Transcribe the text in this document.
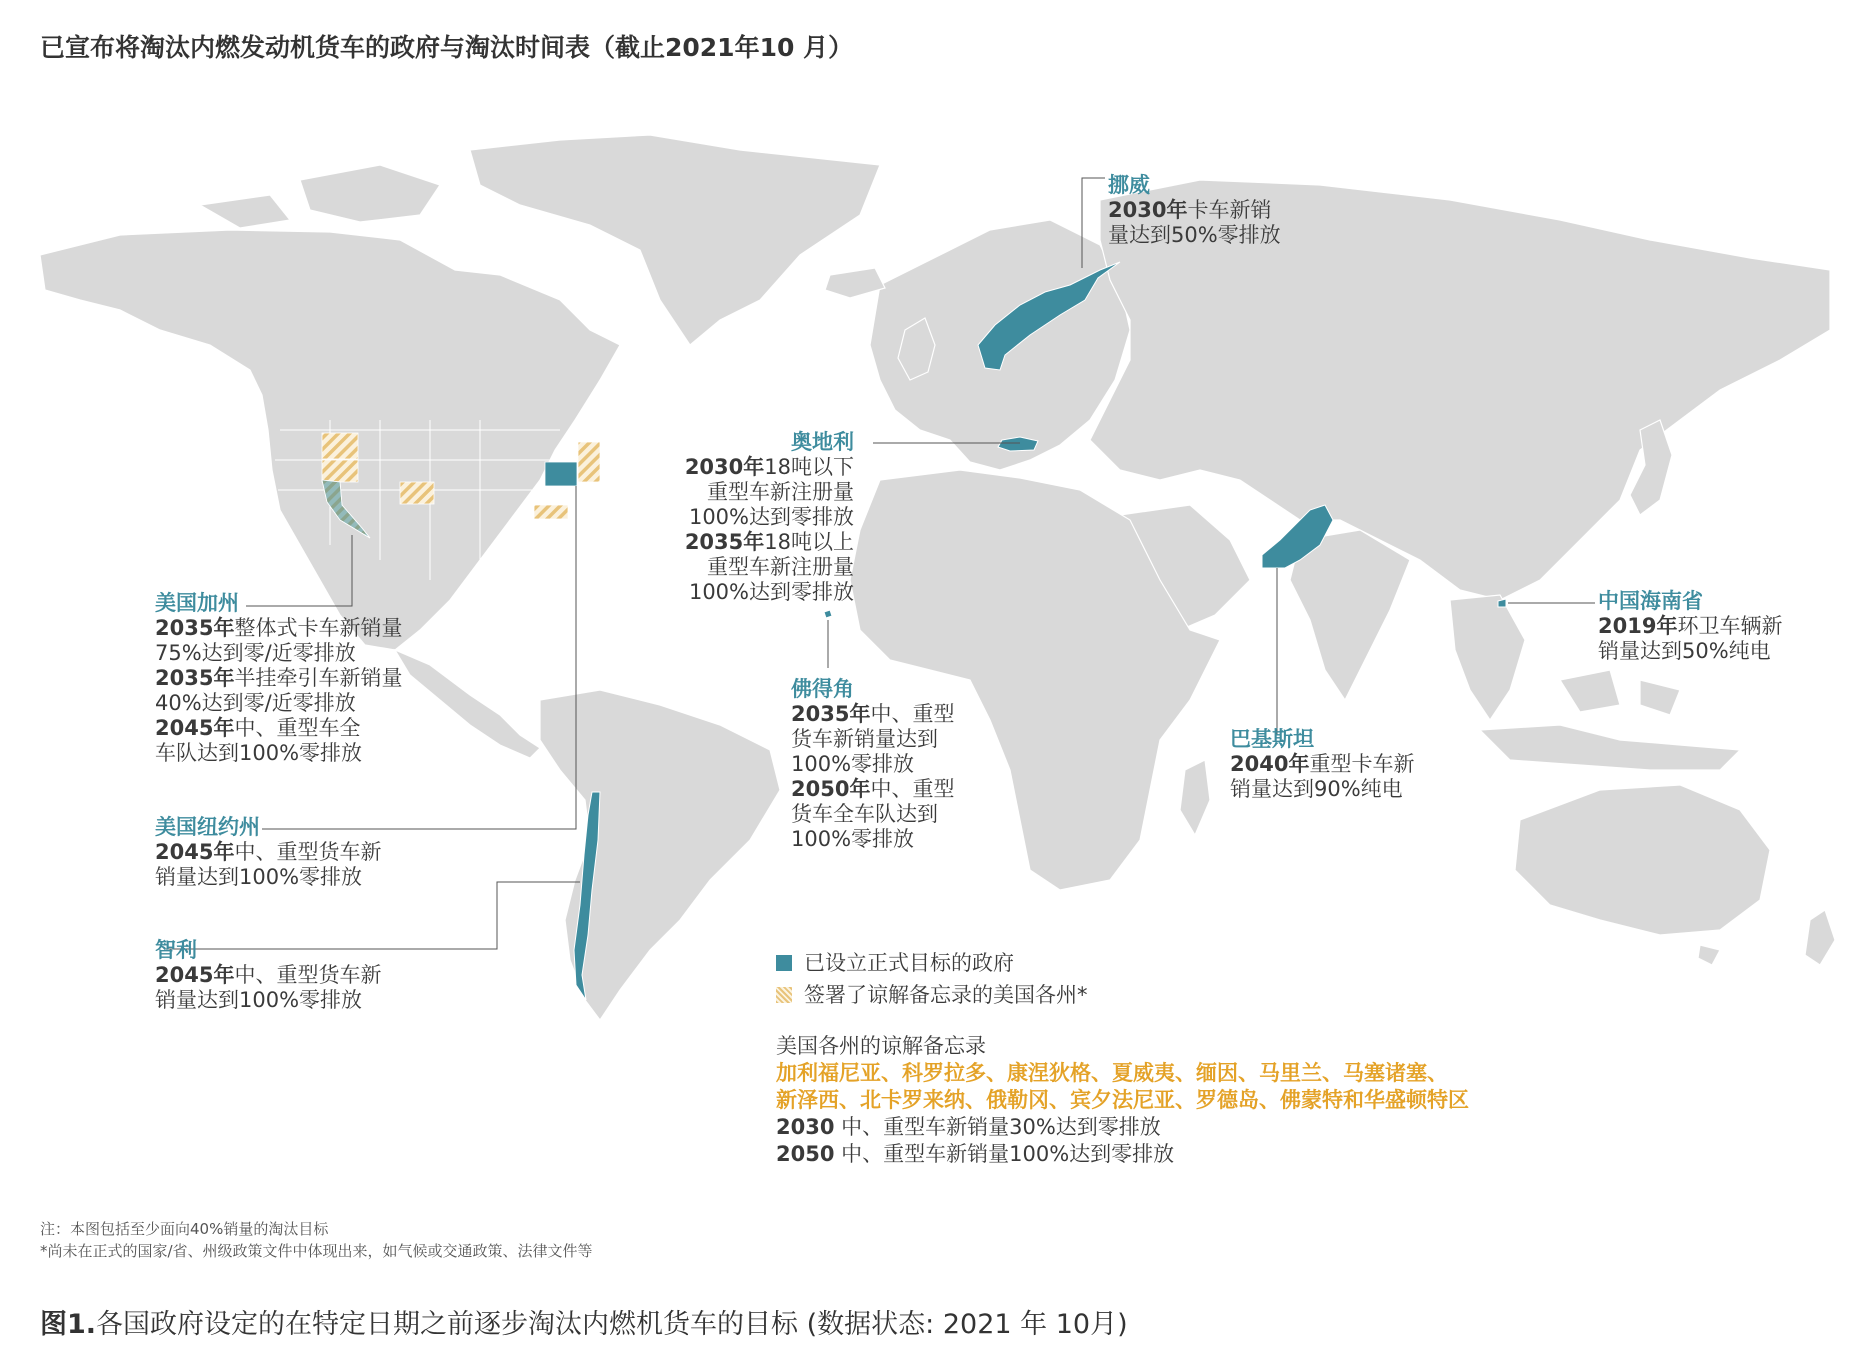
已宣布将淘汰内燃发动机货车的政府与淘汰时间表（截止2021年10 月）
挪威
2030年卡车新销
量达到50%零排放
奥地利
2030年18吨以下
重型车新注册量
100%达到零排放
2035年18吨以上
重型车新注册量
100%达到零排放
美国加州
2035年整体式卡车新销量
75%达到零/近零排放
2035年半挂牵引车新销量
40%达到零/近零排放
2045年中、重型车全
车队达到100%零排放
美国纽约州
2045年中、重型货车新
销量达到100%零排放
智利
2045年中、重型货车新
销量达到100%零排放
佛得角
2035年中、重型
货车新销量达到
100%零排放
2050年中、重型
货车全车队达到
100%零排放
巴基斯坦
2040年重型卡车新
销量达到90%纯电
中国海南省
2019年环卫车辆新
销量达到50%纯电
已设立正式目标的政府
签署了谅解备忘录的美国各州*
美国各州的谅解备忘录
加利福尼亚、科罗拉多、康涅狄格、夏威夷、缅因、马里兰、马塞诸塞、
新泽西、北卡罗来纳、俄勒冈、宾夕法尼亚、罗德岛、佛蒙特和华盛顿特区
2030 中、重型车新销量30%达到零排放
2050 中、重型车新销量100%达到零排放
注：本图包括至少面向40%销量的淘汰目标
*尚未在正式的国家/省、州级政策文件中体现出来，如气候或交通政策、法律文件等
图1.各国政府设定的在特定日期之前逐步淘汰内燃机货车的目标 (数据状态: 2021 年 10月)
